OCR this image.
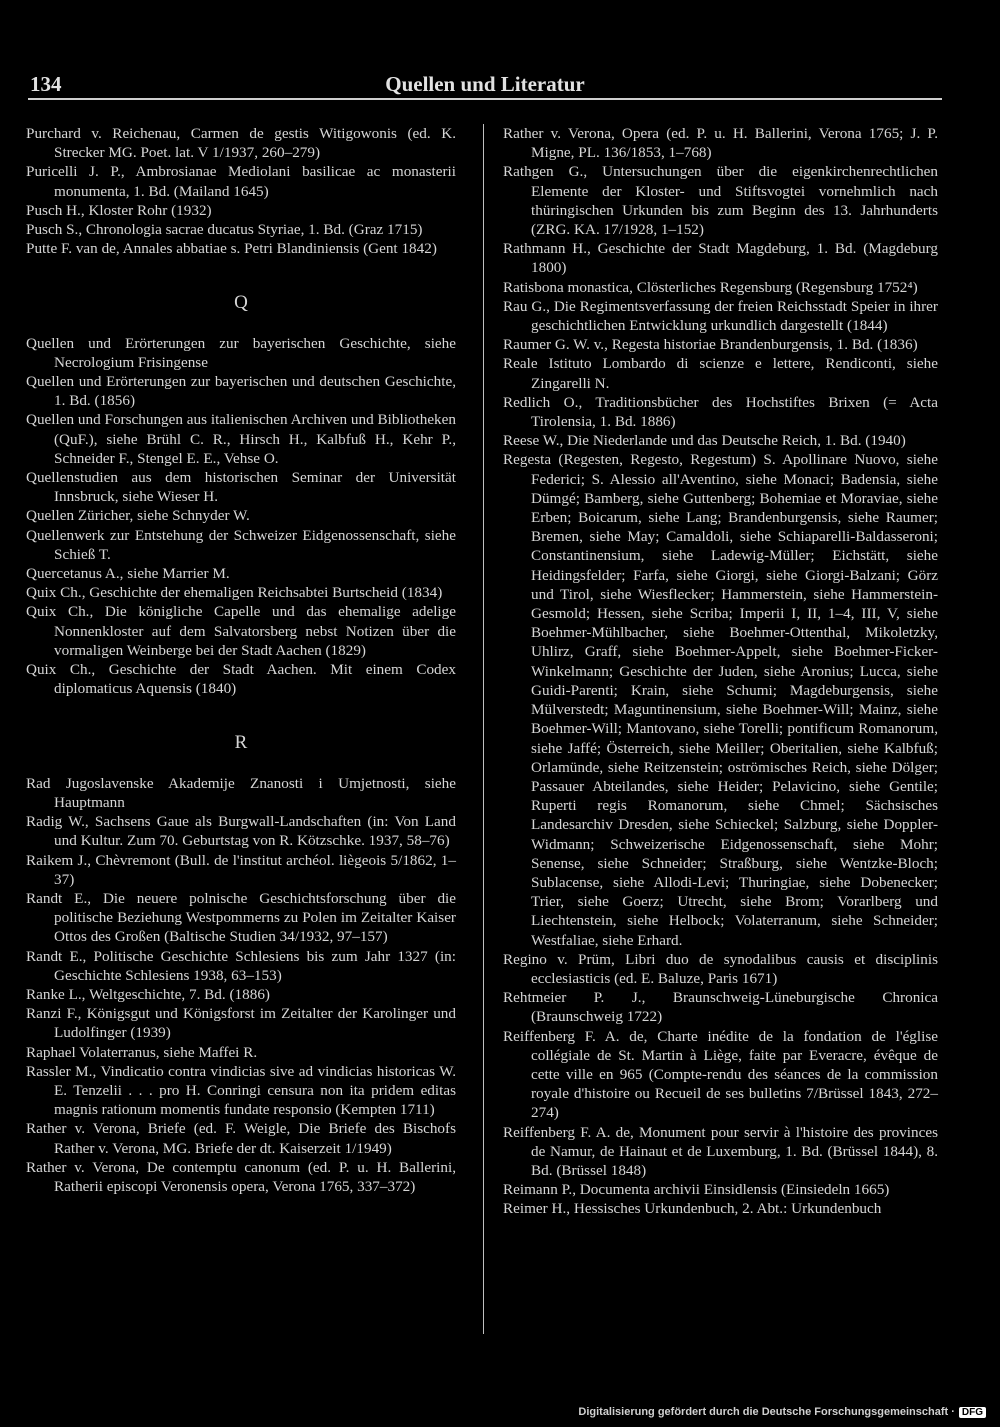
134	Quellen und Literatur

Purchard v. Reichenau, Carmen de gestis Witigowonis (ed. K. Strecker MG. Poet. lat. V 1/1937, 260–279)

Puricelli J. P., Ambrosianae Mediolani basilicae ac monasterii monumenta, 1. Bd. (Mailand 1645)

Pusch H., Kloster Rohr (1932)

Pusch S., Chronologia sacrae ducatus Styriae, 1. Bd. (Graz 1715)

Putte F. van de, Annales abbatiae s. Petri Blandiniensis (Gent 1842)

Q

Quellen und Erörterungen zur bayerischen Geschichte, siehe Necrologium Frisingense

Quellen und Erörterungen zur bayerischen und deutschen Geschichte, 1. Bd. (1856)

Quellen und Forschungen aus italienischen Archiven und Bibliotheken (QuF.), siehe Brühl C. R., Hirsch H., Kalbfuß H., Kehr P., Schneider F., Stengel E. E., Vehse O.

Quellenstudien aus dem historischen Seminar der Universität Innsbruck, siehe Wieser H.

Quellen Züricher, siehe Schnyder W.

Quellenwerk zur Entstehung der Schweizer Eidgenossenschaft, siehe Schieß T.

Quercetanus A., siehe Marrier M.

Quix Ch., Geschichte der ehemaligen Reichsabtei Burtscheid (1834)

Quix Ch., Die königliche Capelle und das ehemalige adelige Nonnenkloster auf dem Salvatorsberg nebst Notizen über die vormaligen Weinberge bei der Stadt Aachen (1829)

Quix Ch., Geschichte der Stadt Aachen. Mit einem Codex diplomaticus Aquensis (1840)

R

Rad Jugoslavenske Akademije Znanosti i Umjetnosti, siehe Hauptmann

Radig W., Sachsens Gaue als Burgwall-Landschaften (in: Von Land und Kultur. Zum 70. Geburtstag von R. Kötzschke. 1937, 58–76)

Raikem J., Chèvremont (Bull. de l'institut archéol. liègeois 5/1862, 1–37)

Randt E., Die neuere polnische Geschichtsforschung über die politische Beziehung Westpommerns zu Polen im Zeitalter Kaiser Ottos des Großen (Baltische Studien 34/1932, 97–157)

Randt E., Politische Geschichte Schlesiens bis zum Jahr 1327 (in: Geschichte Schlesiens 1938, 63–153)

Ranke L., Weltgeschichte, 7. Bd. (1886)

Ranzi F., Königsgut und Königsforst im Zeitalter der Karolinger und Ludolfinger (1939)

Raphael Volaterranus, siehe Maffei R.

Rassler M., Vindicatio contra vindicias sive ad vindicias historicas W. E. Tenzelii . . . pro H. Conringi censura non ita pridem editas magnis rationum momentis fundate responsio (Kempten 1711)

Rather v. Verona, Briefe (ed. F. Weigle, Die Briefe des Bischofs Rather v. Verona, MG. Briefe der dt. Kaiserzeit 1/1949)

Rather v. Verona, De contemptu canonum (ed. P. u. H. Ballerini, Ratherii episcopi Veronensis opera, Verona 1765, 337–372)

Rather v. Verona, Opera (ed. P. u. H. Ballerini, Verona 1765; J. P. Migne, PL. 136/1853, 1–768)

Rathgen G., Untersuchungen über die eigenkirchenrechtlichen Elemente der Kloster- und Stiftsvogtei vornehmlich nach thüringischen Urkunden bis zum Beginn des 13. Jahrhunderts (ZRG. KA. 17/1928, 1–152)

Rathmann H., Geschichte der Stadt Magdeburg, 1. Bd. (Magdeburg 1800)

Ratisbona monastica, Clösterliches Regensburg (Regensburg 1752⁴)

Rau G., Die Regimentsverfassung der freien Reichsstadt Speier in ihrer geschichtlichen Entwicklung urkundlich dargestellt (1844)

Raumer G. W. v., Regesta historiae Brandenburgensis, 1. Bd. (1836)

Reale Istituto Lombardo di scienze e lettere, Rendiconti, siehe Zingarelli N.

Redlich O., Traditionsbücher des Hochstiftes Brixen (= Acta Tirolensia, 1. Bd. 1886)

Reese W., Die Niederlande und das Deutsche Reich, 1. Bd. (1940)

Regesta (Regesten, Regesto, Regestum) S. Apollinare Nuovo, siehe Federici; S. Alessio all'Aventino, siehe Monaci; Badensia, siehe Dümgé; Bamberg, siehe Guttenberg; Bohemiae et Moraviae, siehe Erben; Boicarum, siehe Lang; Brandenburgensis, siehe Raumer; Bremen, siehe May; Camaldoli, siehe Schiaparelli-Baldasseroni; Constantinensium, siehe Ladewig-Müller; Eichstätt, siehe Heidingsfelder; Farfa, siehe Giorgi, siehe Giorgi-Balzani; Görz und Tirol, siehe Wiesflecker; Hammerstein, siehe Hammerstein-Gesmold; Hessen, siehe Scriba; Imperii I, II, 1–4, III, V, siehe Boehmer-Mühlbacher, siehe Boehmer-Ottenthal, Mikoletzky, Uhlirz, Graff, siehe Boehmer-Appelt, siehe Boehmer-Ficker-Winkelmann; Geschichte der Juden, siehe Aronius; Lucca, siehe Guidi-Parenti; Krain, siehe Schumi; Magdeburgensis, siehe Mülverstedt; Maguntinensium, siehe Boehmer-Will; Mainz, siehe Boehmer-Will; Mantovano, siehe Torelli; pontificum Romanorum, siehe Jaffé; Österreich, siehe Meiller; Oberitalien, siehe Kalbfuß; Orlamünde, siehe Reitzenstein; oströmisches Reich, siehe Dölger; Passauer Abteilandes, siehe Heider; Pelavicino, siehe Gentile; Ruperti regis Romanorum, siehe Chmel; Sächsisches Landesarchiv Dresden, siehe Schieckel; Salzburg, siehe Doppler-Widmann; Schweizerische Eidgenossenschaft, siehe Mohr; Senense, siehe Schneider; Straßburg, siehe Wentzke-Bloch; Sublacense, siehe Allodi-Levi; Thuringiae, siehe Dobenecker; Trier, siehe Goerz; Utrecht, siehe Brom; Vorarlberg und Liechtenstein, siehe Helbock; Volaterranum, siehe Schneider; Westfaliae, siehe Erhard.

Regino v. Prüm, Libri duo de synodalibus causis et disciplinis ecclesiasticis (ed. E. Baluze, Paris 1671)

Rehtmeier P. J., Braunschweig-Lüneburgische Chronica (Braunschweig 1722)

Reiffenberg F. A. de, Charte inédite de la fondation de l'église collégiale de St. Martin à Liège, faite par Everacre, évêque de cette ville en 965 (Compte-rendu des séances de la commission royale d'histoire ou Recueil de ses bulletins 7/Brüssel 1843, 272–274)

Reiffenberg F. A. de, Monument pour servir à l'histoire des provinces de Namur, de Hainaut et de Luxemburg, 1. Bd. (Brüssel 1844), 8. Bd. (Brüssel 1848)

Reimann P., Documenta archivii Einsidlensis (Einsiedeln 1665)

Reimer H., Hessisches Urkundenbuch, 2. Abt.: Urkundenbuch

Digitalisierung gefördert durch die Deutsche Forschungsgemeinschaft · DFG
